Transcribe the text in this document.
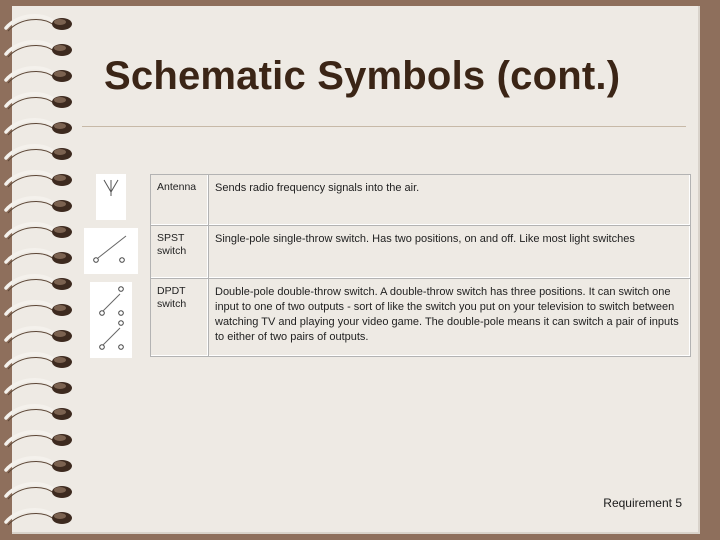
Schematic Symbols (cont.)
Antenna	Sends radio frequency signals into the air.
SPST switch	Single-pole single-throw switch. Has two positions, on and off. Like most light switches
DPDT switch	Double-pole double-throw switch. A double-throw switch has three positions. It can switch one input to one of two outputs - sort of like the switch you put on your television to switch between watching TV and playing your video game. The double-pole means it can switch a pair of inputs to either of two pairs of outputs.
Requirement 5
